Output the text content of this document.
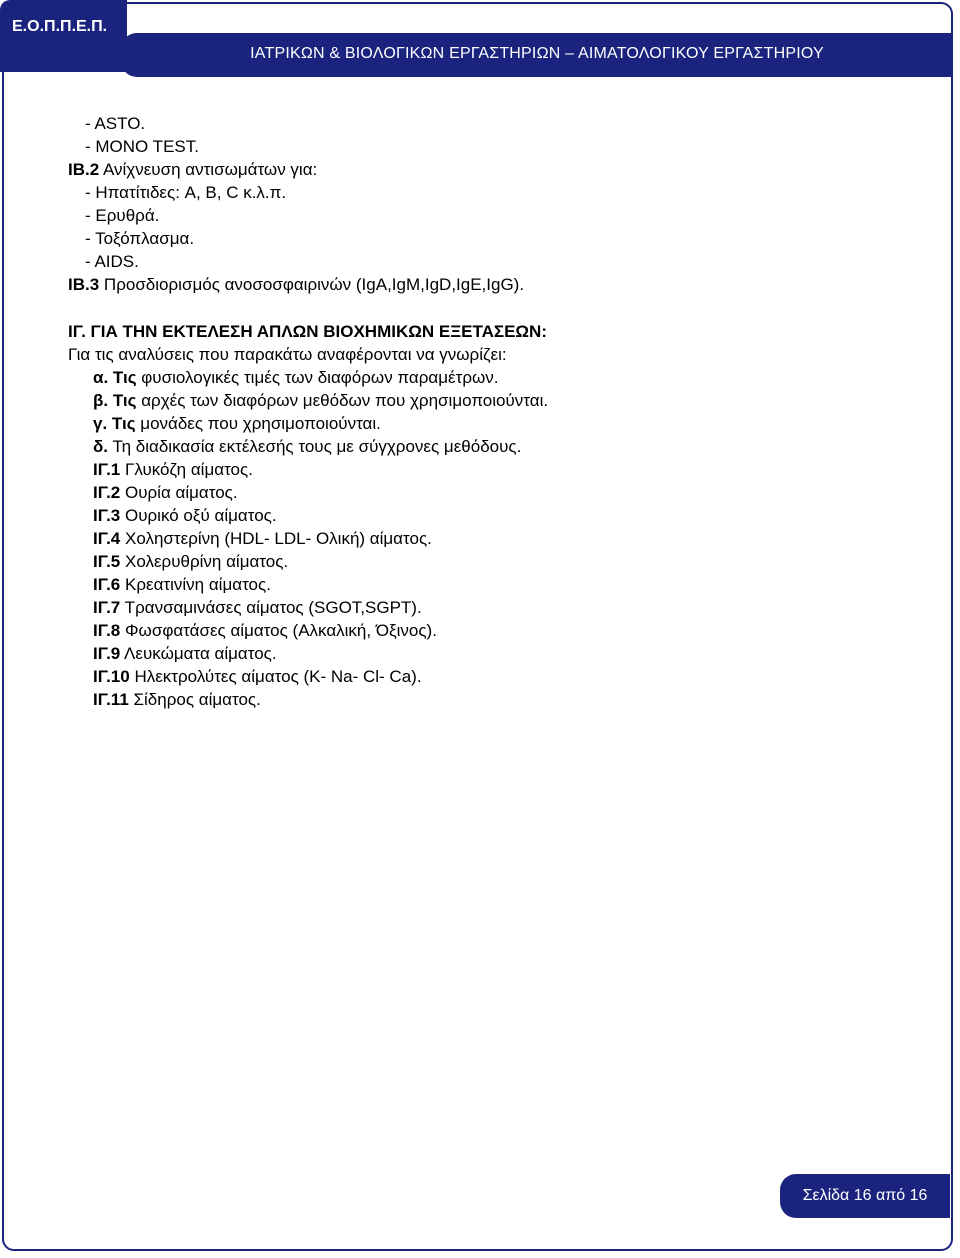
Ε.Ο.Π.Π.Ε.Π.
ΙΑΤΡΙΚΩΝ & ΒΙΟΛΟΓΙΚΩΝ ΕΡΓΑΣΤΗΡΙΩΝ – ΑΙΜΑΤΟΛΟΓΙΚΟΥ ΕΡΓΑΣΤΗΡΙΟΥ
- ASTO.
- MONO TEST.
ΙΒ.2 Ανίχνευση αντισωμάτων για:
- Ηπατίτιδες: A, B, C κ.λ.π.
- Ερυθρά.
- Τοξόπλασμα.
- AIDS.
ΙΒ.3 Προσδιορισμός ανοσοσφαιρινών (IgA,IgM,IgD,IgE,IgG).
ΙΓ. ΓΙΑ ΤΗΝ ΕΚΤΕΛΕΣΗ ΑΠΛΩΝ ΒΙΟΧΗΜΙΚΩΝ ΕΞΕΤΑΣΕΩΝ:
Για τις αναλύσεις που παρακάτω αναφέρονται να γνωρίζει:
α. Τις φυσιολογικές τιμές των διαφόρων παραμέτρων.
β. Τις αρχές των διαφόρων μεθόδων που χρησιμοποιούνται.
γ. Τις μονάδες που χρησιμοποιούνται.
δ. Τη διαδικασία εκτέλεσής τους με σύγχρονες μεθόδους.
ΙΓ.1 Γλυκόζη αίματος.
ΙΓ.2 Ουρία αίματος.
ΙΓ.3 Ουρικό οξύ αίματος.
ΙΓ.4 Χοληστερίνη (HDL- LDL- Ολική) αίματος.
ΙΓ.5 Χολερυθρίνη αίματος.
ΙΓ.6 Κρεατινίνη αίματος.
ΙΓ.7 Τρανσαμινάσες αίματος (SGOT,SGPT).
ΙΓ.8 Φωσφατάσες αίματος (Αλκαλική, Όξινος).
ΙΓ.9 Λευκώματα αίματος.
ΙΓ.10 Ηλεκτρολύτες αίματος (K- Na- Cl- Ca).
ΙΓ.11 Σίδηρος αίματος.
Σελίδα 16 από 16
